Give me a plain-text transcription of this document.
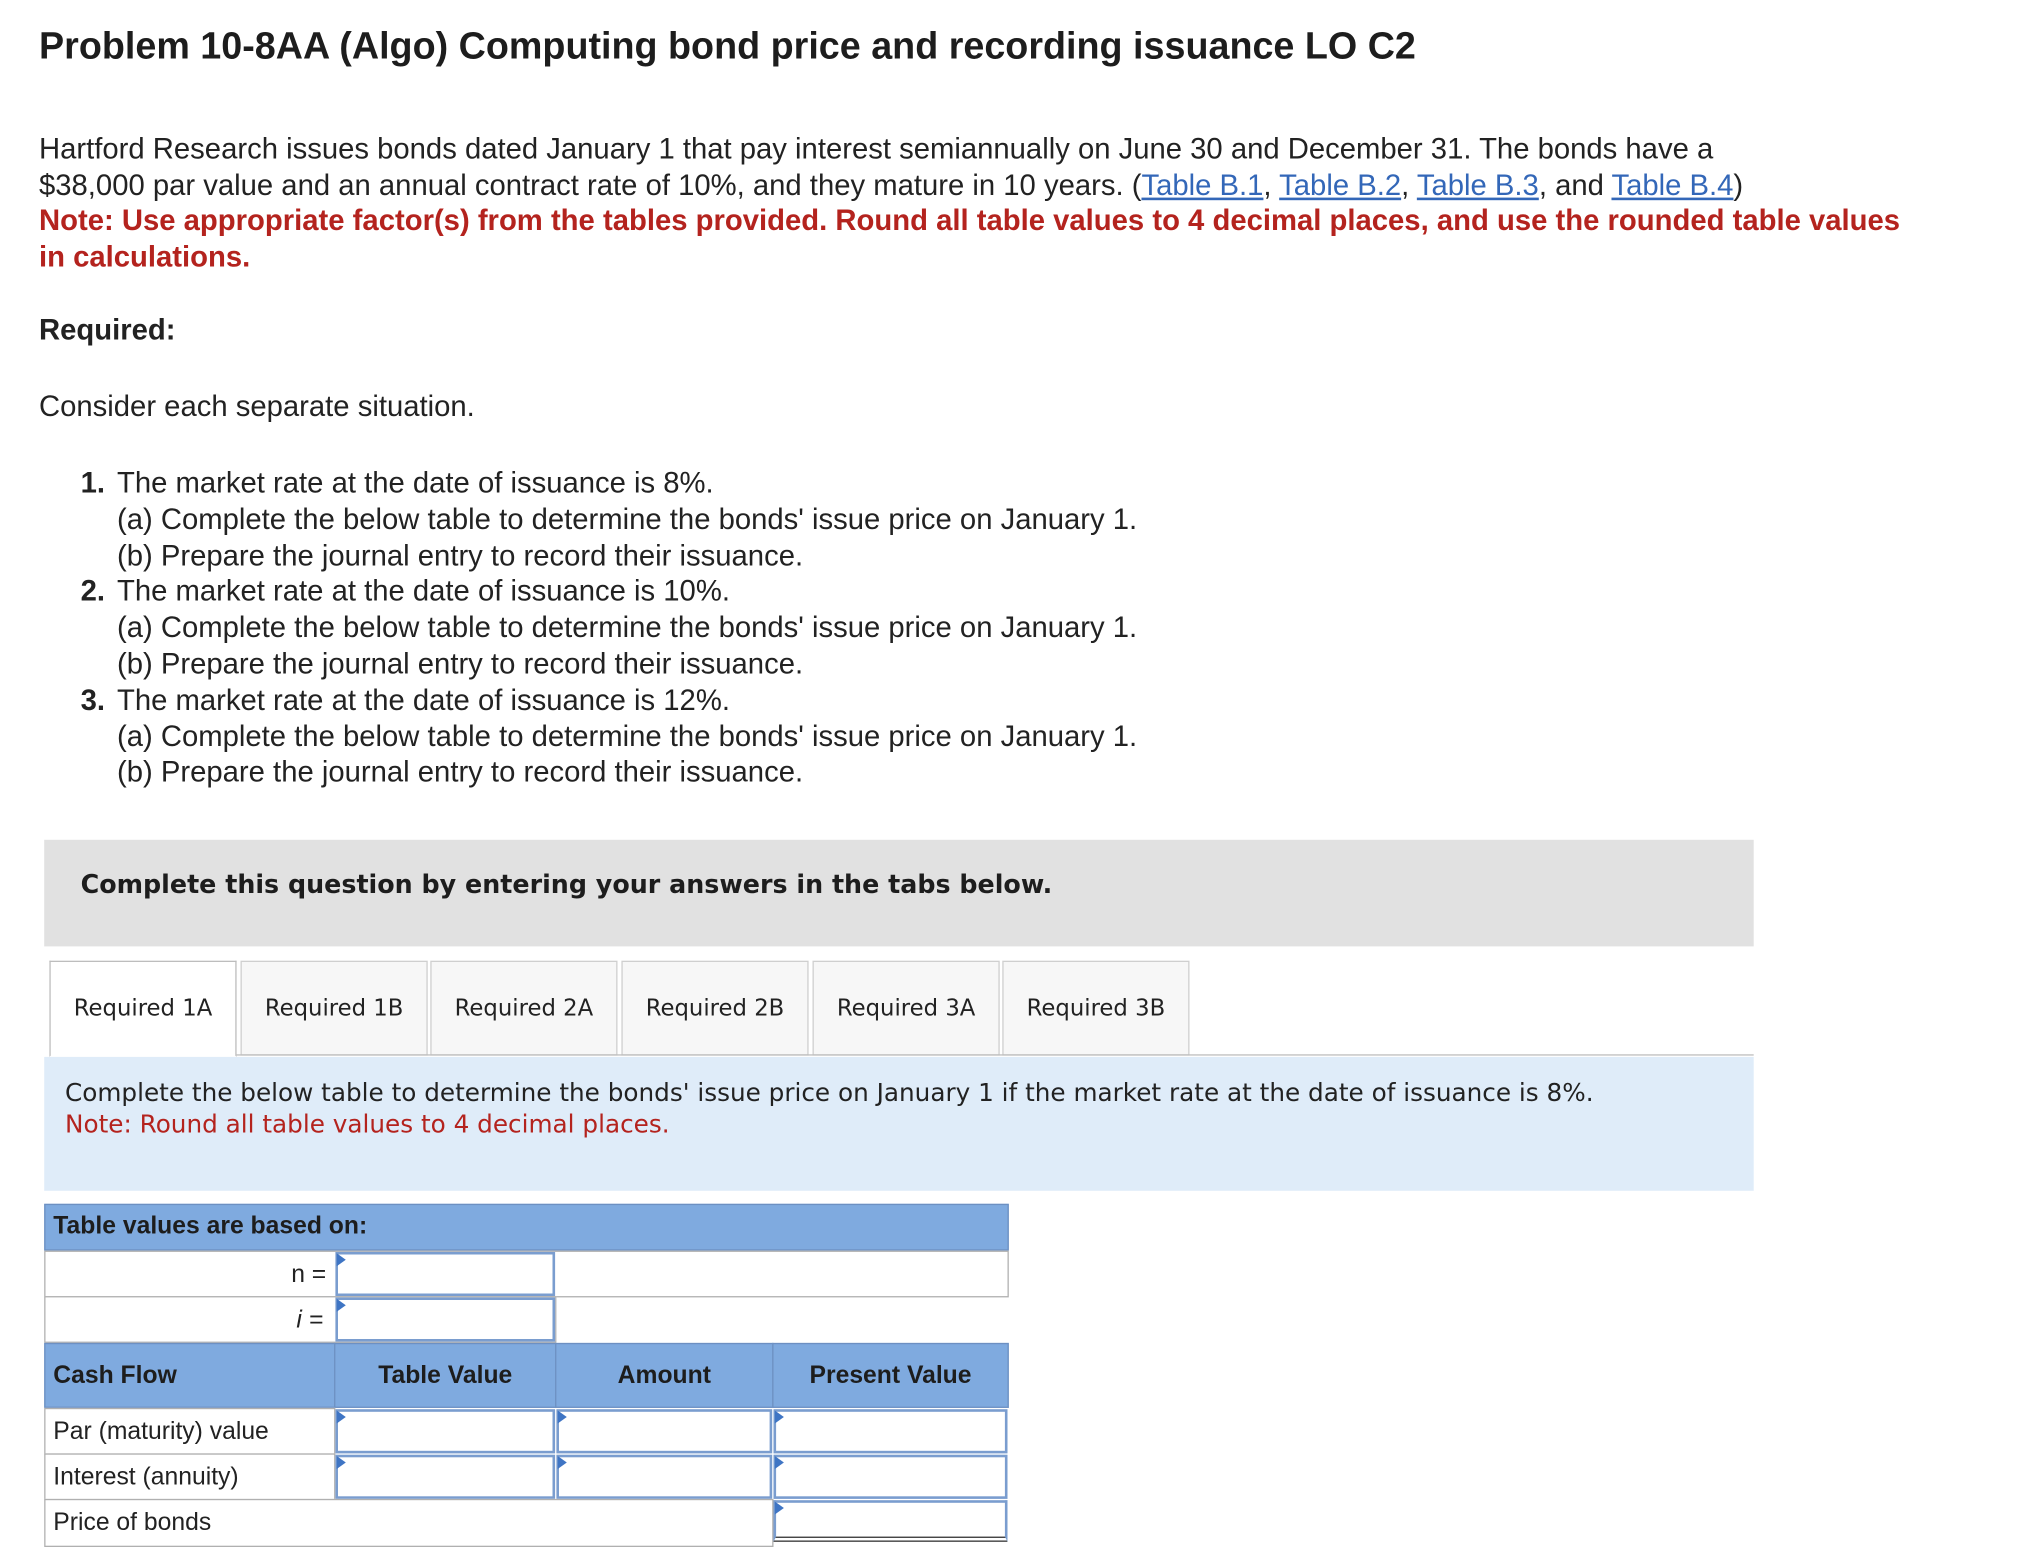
Problem 10-8AA (Algo) Computing bond price and recording issuance LO C2
Hartford Research issues bonds dated January 1 that pay interest semiannually on June 30 and December 31. The bonds have a
$38,000 par value and an annual contract rate of 10%, and they mature in 10 years. (Table B.1, Table B.2, Table B.3, and Table B.4)
Note: Use appropriate factor(s) from the tables provided. Round all table values to 4 decimal places, and use the rounded table values in calculations.
Required:
Consider each separate situation.
1. The market rate at the date of issuance is 8%.
(a) Complete the below table to determine the bonds' issue price on January 1.
(b) Prepare the journal entry to record their issuance.
2. The market rate at the date of issuance is 10%.
(a) Complete the below table to determine the bonds' issue price on January 1.
(b) Prepare the journal entry to record their issuance.
3. The market rate at the date of issuance is 12%.
(a) Complete the below table to determine the bonds' issue price on January 1.
(b) Prepare the journal entry to record their issuance.
Complete this question by entering your answers in the tabs below.
Required 1A	Required 1B	Required 2A	Required 2B	Required 3A	Required 3B
Complete the below table to determine the bonds' issue price on January 1 if the market rate at the date of issuance is 8%.
Note: Round all table values to 4 decimal places.
Table values are based on:
n =
i =
Cash Flow	Table Value	Amount	Present Value
Par (maturity) value
Interest (annuity)
Price of bonds
